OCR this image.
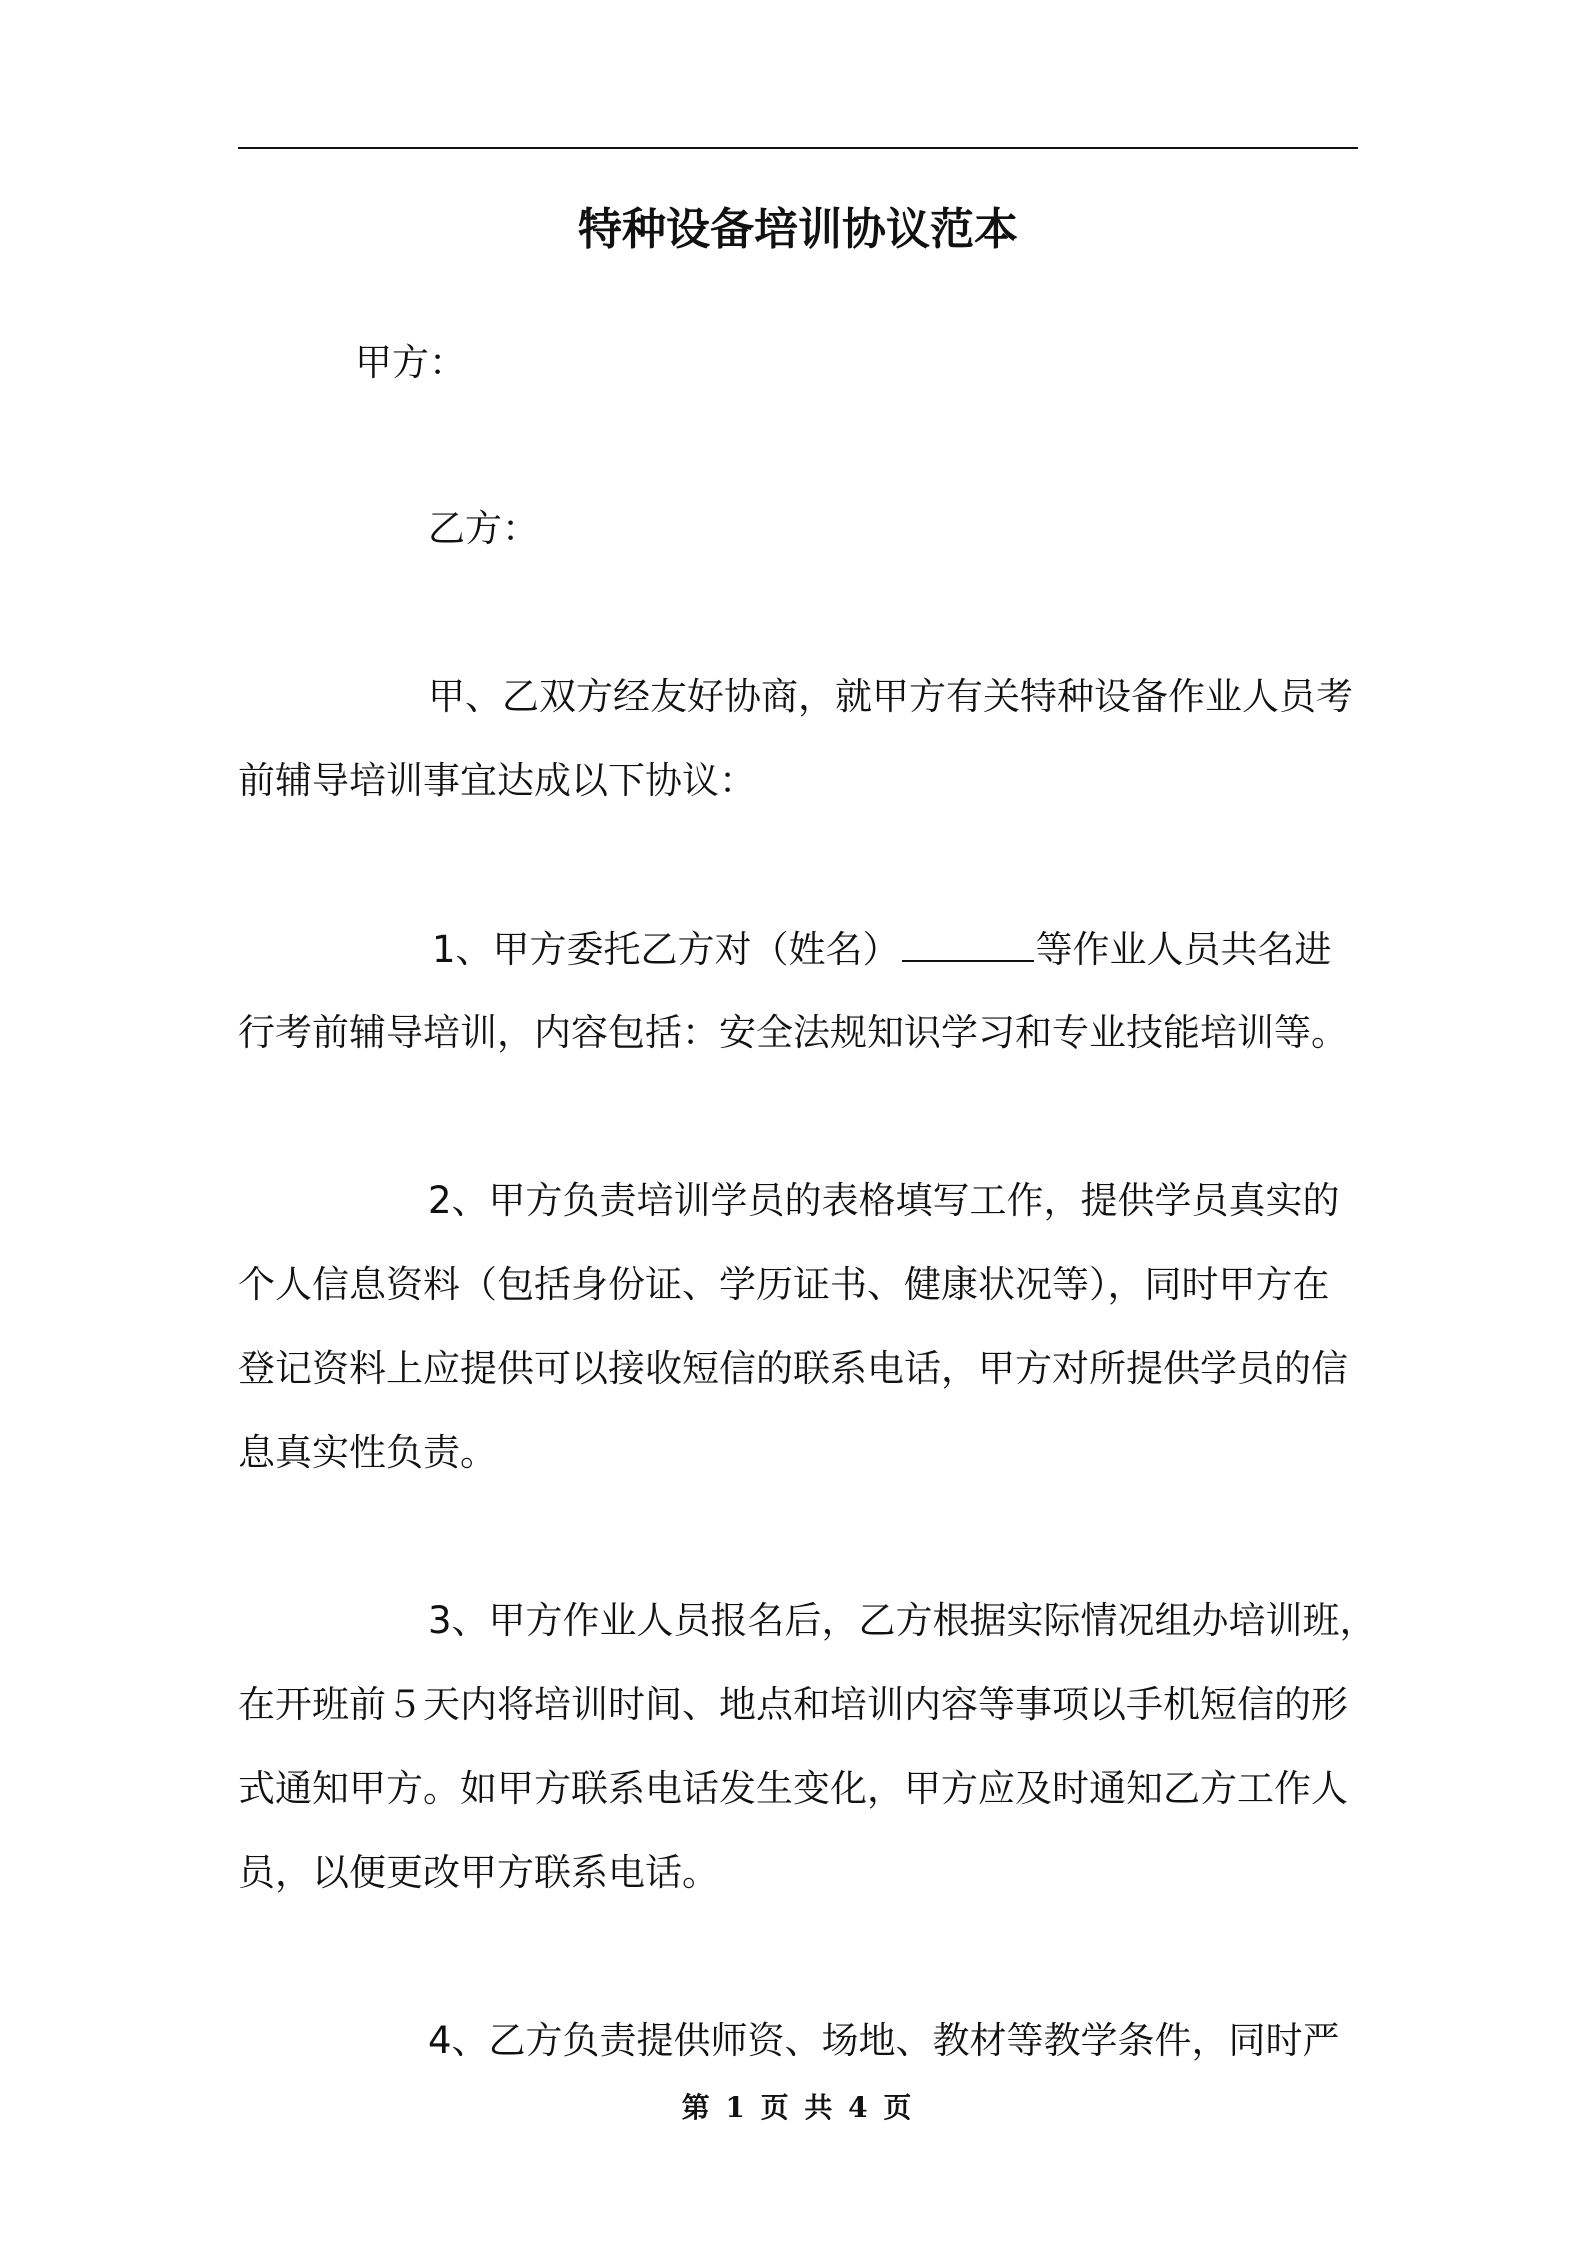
特种设备培训协议范本
甲方：
乙方：
甲、乙双方经友好协商，就甲方有关特种设备作业人员考
前辅导培训事宜达成以下协议：
1、甲方委托乙方对（姓名）	等作业人员共名进
行考前辅导培训，内容包括：安全法规知识学习和专业技能培训等。
2、甲方负责培训学员的表格填写工作，提供学员真实的
个人信息资料（包括身份证、学历证书、健康状况等），同时甲方在
登记资料上应提供可以接收短信的联系电话，甲方对所提供学员的信
息真实性负责。
3、甲方作业人员报名后，乙方根据实际情况组办培训班，
在开班前５天内将培训时间、地点和培训内容等事项以手机短信的形
式通知甲方。如甲方联系电话发生变化，甲方应及时通知乙方工作人
员，以便更改甲方联系电话。
4、乙方负责提供师资、场地、教材等教学条件，同时严
第 1 页 共 4 页
